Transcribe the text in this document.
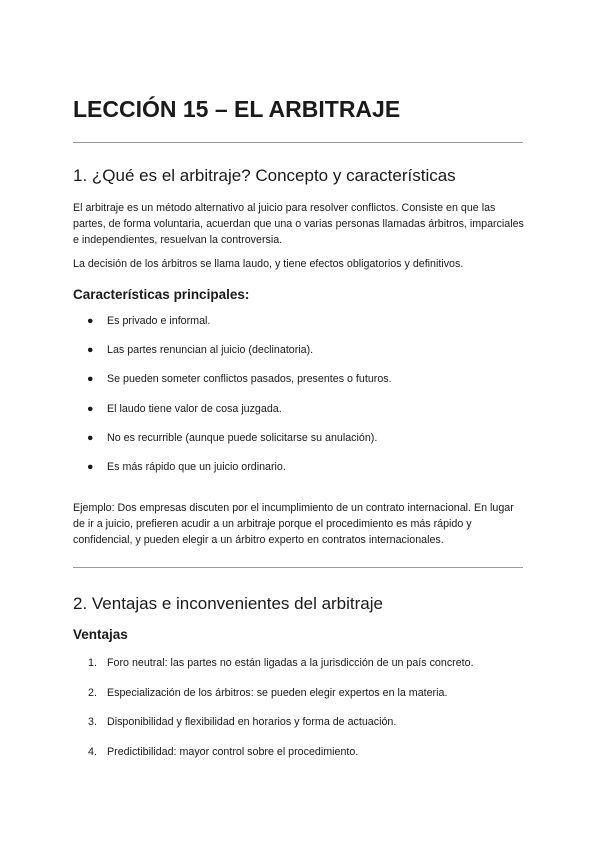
LECCIÓN 15 – EL ARBITRAJE
1. ¿Qué es el arbitraje? Concepto y características

El arbitraje es un método alternativo al juicio para resolver conflictos. Consiste en que las partes, de forma voluntaria, acuerdan que una o varias personas llamadas árbitros, imparciales e independientes, resuelvan la controversia.

La decisión de los árbitros se llama laudo, y tiene efectos obligatorios y definitivos.

Características principales:
● Es privado e informal.
● Las partes renuncian al juicio (declinatoria).
● Se pueden someter conflictos pasados, presentes o futuros.
● El laudo tiene valor de cosa juzgada.
● No es recurrible (aunque puede solicitarse su anulación).
● Es más rápido que un juicio ordinario.

Ejemplo: Dos empresas discuten por el incumplimiento de un contrato internacional. En lugar de ir a juicio, prefieren acudir a un arbitraje porque el procedimiento es más rápido y confidencial, y pueden elegir a un árbitro experto en contratos internacionales.

2. Ventajas e inconvenientes del arbitraje
Ventajas
1. Foro neutral: las partes no están ligadas a la jurisdicción de un país concreto.
2. Especialización de los árbitros: se pueden elegir expertos en la materia.
3. Disponibilidad y flexibilidad en horarios y forma de actuación.
4. Predictibilidad: mayor control sobre el procedimiento.
